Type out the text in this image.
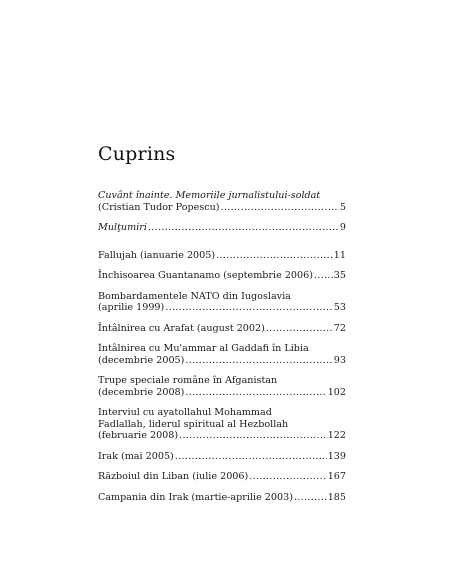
Cuprins
Cuvânt înainte. Memoriile jurnalistului-soldat
(Cristian Tudor Popescu) .....	5
Mulţumiri .....	9
Fallujah (ianuarie 2005) .....	11
Închisoarea Guantanamo (septembrie 2006) ..... 35
Bombardamentele NATO din Iugoslavia
(aprilie 1999) .....	53
Întâlnirea cu Arafat (august 2002) .....	72
Întâlnirea cu Mu'ammar al Gaddafi în Libia
(decembrie 2005) .....	93
Trupe speciale române în Afganistan
(decembrie 2008) .....	102
Interviul cu ayatollahul Mohammad
Fadlallah, liderul spiritual al Hezbollah
(februarie 2008) .....	122
Irak (mai 2005) .....	139
Războiul din Liban (iulie 2006) .....	167
Campania din Irak (martie-aprilie 2003) .....	185
